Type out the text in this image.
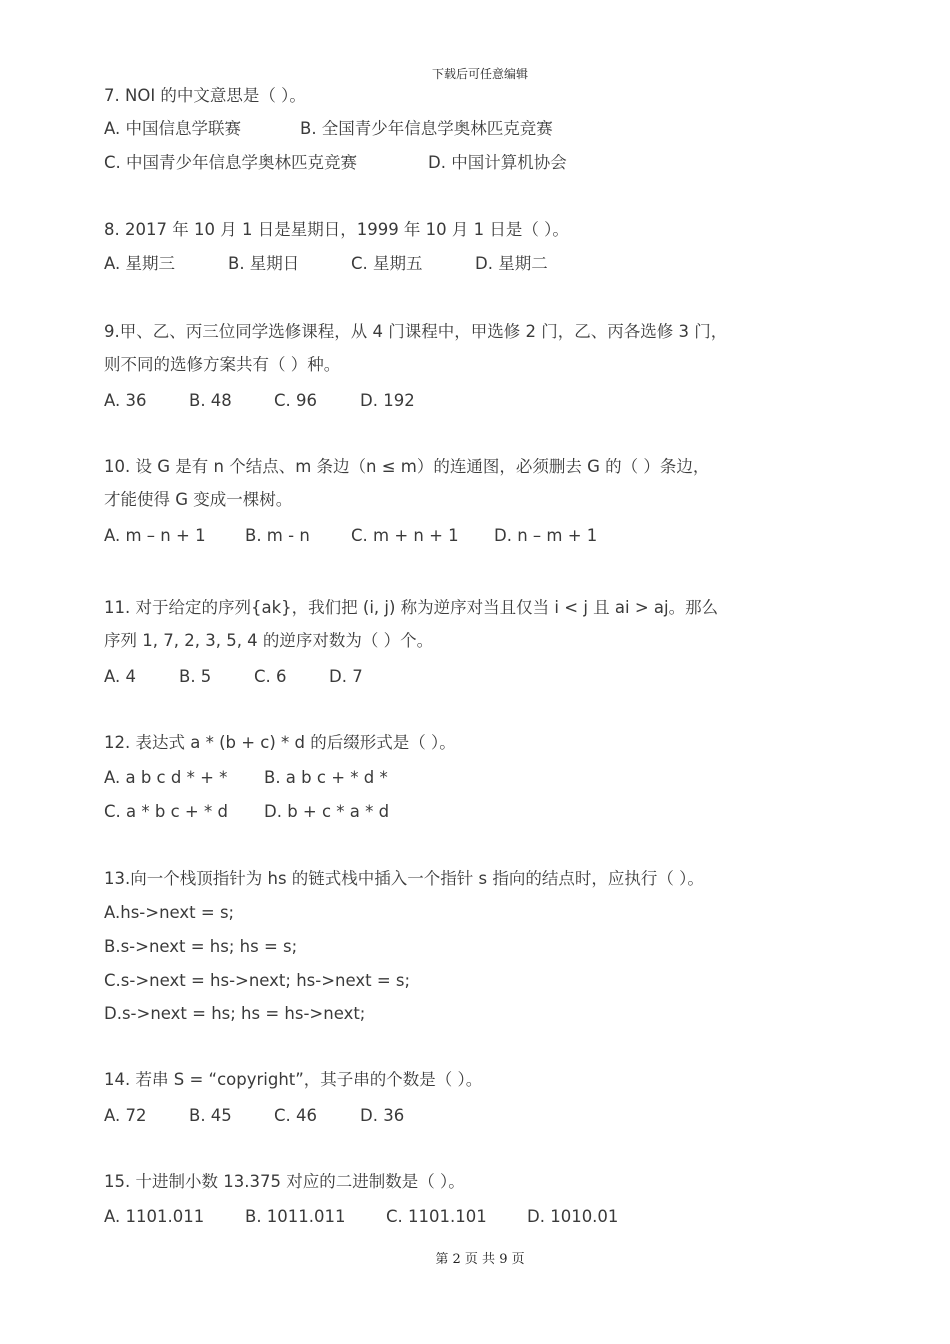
下载后可任意编辑
7. NOI 的中文意思是（ ）。
A. 中国信息学联赛	B. 全国青少年信息学奥林匹克竞赛
C. 中国青少年信息学奥林匹克竞赛	D. 中国计算机协会
8. 2017 年 10 月 1 日是星期日，1999 年 10 月 1 日是（ ）。
A. 星期三	B. 星期日	C. 星期五	D. 星期二
9.甲、乙、丙三位同学选修课程，从 4 门课程中，甲选修 2 门，乙、丙各选修 3 门，
则不同的选修方案共有（ ）种。
A. 36	B. 48	C. 96	D. 192
10. 设 G 是有 n 个结点、m 条边（n ≤ m）的连通图，必须删去 G 的（ ）条边，
才能使得 G 变成一棵树。
A. m – n + 1 B. m - n C. m + n + 1 D. n – m + 1
11. 对于给定的序列{ak}，我们把 (i, j) 称为逆序对当且仅当 i < j 且 ai > aj。那么
序列 1, 7, 2, 3, 5, 4 的逆序对数为（ ）个。
A. 4	B. 5	C. 6	D. 7
12. 表达式 a * (b + c) * d 的后缀形式是（ ）。
A. a b c d * + * B. a b c + * d *
C. a * b c + * d D. b + c * a * d
13.向一个栈顶指针为 hs 的链式栈中插入一个指针 s 指向的结点时，应执行（ ）。
A.hs->next = s;
B.s->next = hs; hs = s;
C.s->next = hs->next; hs->next = s;
D.s->next = hs; hs = hs->next;
14. 若串 S = “copyright”，其子串的个数是（ ）。
A. 72	B. 45	C. 46	D. 36
15. 十进制小数 13.375 对应的二进制数是（ ）。
A. 1101.011 B. 1011.011 C. 1101.101 D. 1010.01
第 2 页 共 9 页
